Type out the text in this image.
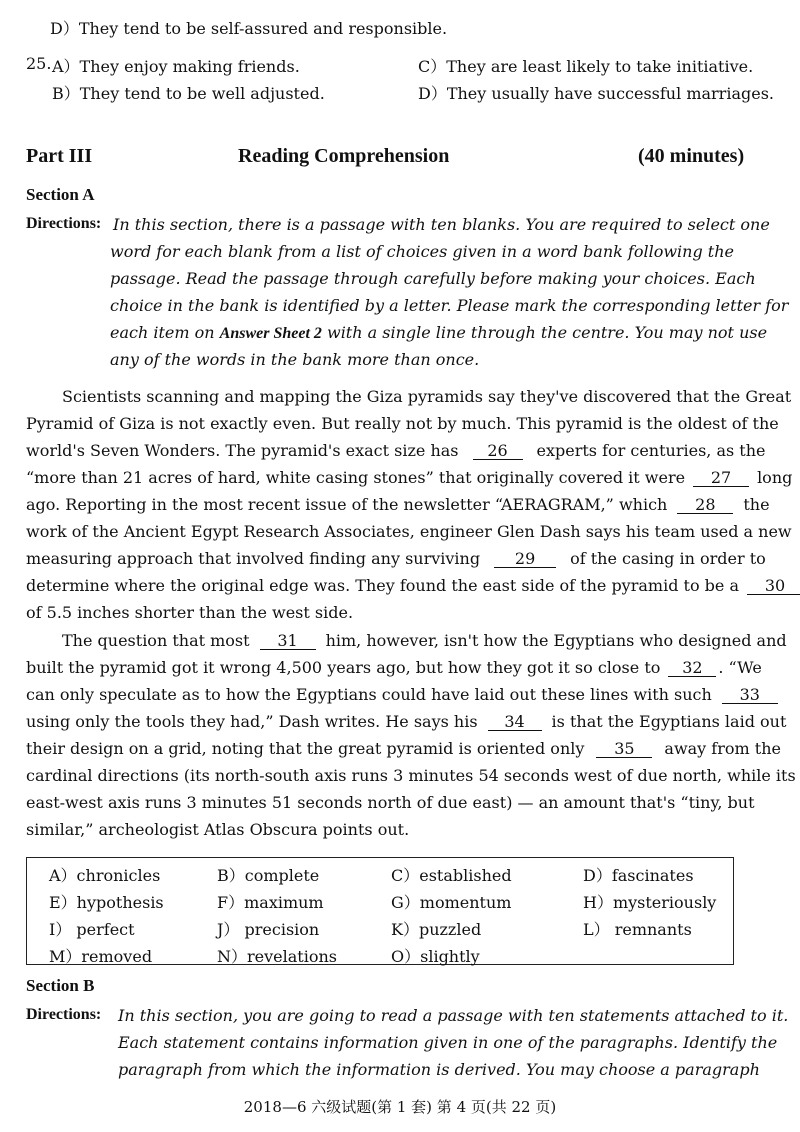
D）They tend to be self-assured and responsible.
25. A）They enjoy making friends.	C）They are least likely to take initiative.
B）They tend to be well adjusted.	D）They usually have successful marriages.
Part III	Reading Comprehension	(40 minutes)
Section A
Directions: In this section, there is a passage with ten blanks. You are required to select one
word for each blank from a list of choices given in a word bank following the
passage. Read the passage through carefully before making your choices. Each
choice in the bank is identified by a letter. Please mark the corresponding letter for
each item on Answer Sheet 2 with a single line through the centre. You may not use
any of the words in the bank more than once.
Scientists scanning and mapping the Giza pyramids say they've discovered that the Great
Pyramid of Giza is not exactly even. But really not by much. This pyramid is the oldest of the
world's Seven Wonders. The pyramid's exact size has 26 experts for centuries, as the
“more than 21 acres of hard, white casing stones” that originally covered it were 27 long
ago. Reporting in the most recent issue of the newsletter “AERAGRAM,” which 28 the
work of the Ancient Egypt Research Associates, engineer Glen Dash says his team used a new
measuring approach that involved finding any surviving 29 of the casing in order to
determine where the original edge was. They found the east side of the pyramid to be a 30
of 5.5 inches shorter than the west side.
The question that most 31 him, however, isn't how the Egyptians who designed and
built the pyramid got it wrong 4,500 years ago, but how they got it so close to 32 . “We
can only speculate as to how the Egyptians could have laid out these lines with such 33
using only the tools they had,” Dash writes. He says his 34 is that the Egyptians laid out
their design on a grid, noting that the great pyramid is oriented only 35 away from the
cardinal directions (its north-south axis runs 3 minutes 54 seconds west of due north, while its
east-west axis runs 3 minutes 51 seconds north of due east) — an amount that's “tiny, but
similar,” archeologist Atlas Obscura points out.
A）chronicles	B）complete	C）established	D）fascinates
E）hypothesis	F）maximum	G）momentum	H）mysteriously
I） perfect	J） precision	K）puzzled	L） remnants
M）removed	N）revelations	O）slightly
Section B
Directions: In this section, you are going to read a passage with ten statements attached to it.
Each statement contains information given in one of the paragraphs. Identify the
paragraph from which the information is derived. You may choose a paragraph
2018—6 六级试题(第 1 套) 第 4 页(共 22 页)
